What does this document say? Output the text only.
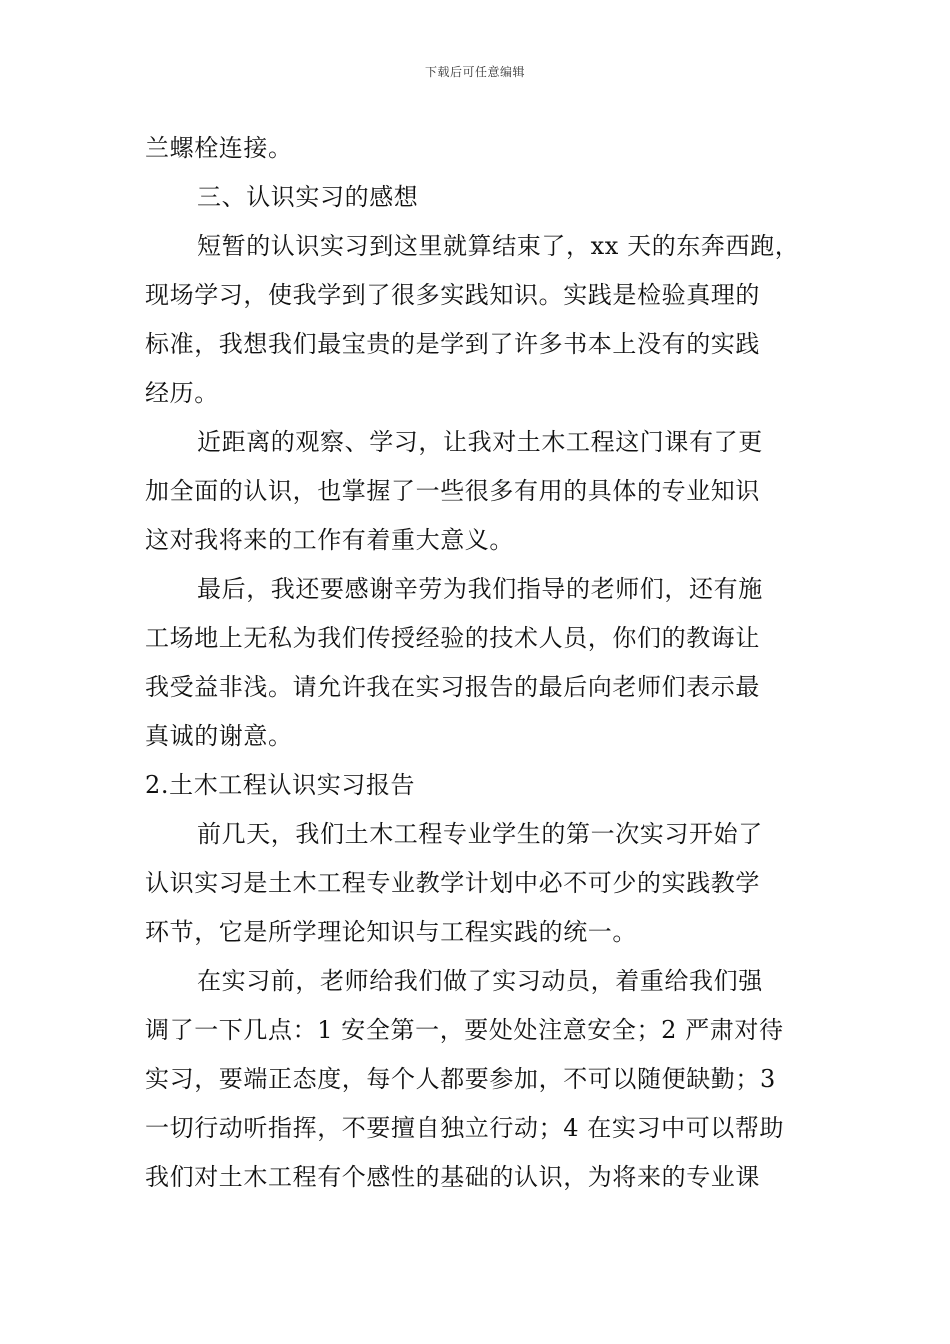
下载后可任意编辑
兰螺栓连接。
三、认识实习的感想
短暂的认识实习到这里就算结束了，xx 天的东奔西跑，
现场学习，使我学到了很多实践知识。实践是检验真理的
标准，我想我们最宝贵的是学到了许多书本上没有的实践
经历。
近距离的观察、学习，让我对土木工程这门课有了更
加全面的认识，也掌握了一些很多有用的具体的专业知识
这对我将来的工作有着重大意义。
最后，我还要感谢辛劳为我们指导的老师们，还有施
工场地上无私为我们传授经验的技术人员，你们的教诲让
我受益非浅。请允许我在实习报告的最后向老师们表示最
真诚的谢意。
2.土木工程认识实习报告
前几天，我们土木工程专业学生的第一次实习开始了
认识实习是土木工程专业教学计划中必不可少的实践教学
环节，它是所学理论知识与工程实践的统一。
在实习前，老师给我们做了实习动员，着重给我们强
调了一下几点：1 安全第一，要处处注意安全；2 严肃对待
实习，要端正态度，每个人都要参加，不可以随便缺勤；3
一切行动听指挥，不要擅自独立行动；4 在实习中可以帮助
我们对土木工程有个感性的基础的认识，为将来的专业课
